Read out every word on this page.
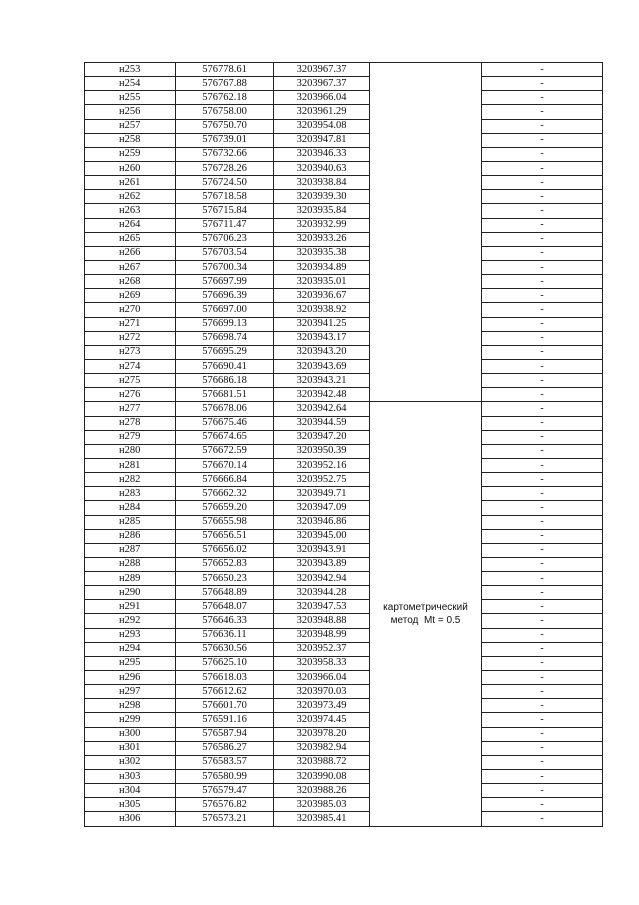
н253	576778.61	3203967.37		-
н254	576767.88	3203967.37		-
н255	576762.18	3203966.04		-
н256	576758.00	3203961.29		-
н257	576750.70	3203954.08		-
н258	576739.01	3203947.81		-
н259	576732.66	3203946.33		-
н260	576728.26	3203940.63		-
н261	576724.50	3203938.84		-
н262	576718.58	3203939.30		-
н263	576715.84	3203935.84		-
н264	576711.47	3203932.99		-
н265	576706.23	3203933.26		-
н266	576703.54	3203935.38		-
н267	576700.34	3203934.89		-
н268	576697.99	3203935.01		-
н269	576696.39	3203936.67		-
н270	576697.00	3203938.92		-
н271	576699.13	3203941.25		-
н272	576698.74	3203943.17		-
н273	576695.29	3203943.20		-
н274	576690.41	3203943.69		-
н275	576686.18	3203943.21		-
н276	576681.51	3203942.48		-
н277	576678.06	3203942.64	картометрический
метод  Mt = 0.5	-
н278	576675.46	3203944.59		-
н279	576674.65	3203947.20		-
н280	576672.59	3203950.39		-
н281	576670.14	3203952.16		-
н282	576666.84	3203952.75		-
н283	576662.32	3203949.71		-
н284	576659.20	3203947.09		-
н285	576655.98	3203946.86		-
н286	576656.51	3203945.00		-
н287	576656.02	3203943.91		-
н288	576652.83	3203943.89		-
н289	576650.23	3203942.94		-
н290	576648.89	3203944.28		-
н291	576648.07	3203947.53		-
н292	576646.33	3203948.88		-
н293	576636.11	3203948.99		-
н294	576630.56	3203952.37		-
н295	576625.10	3203958.33		-
н296	576618.03	3203966.04		-
н297	576612.62	3203970.03		-
н298	576601.70	3203973.49		-
н299	576591.16	3203974.45		-
н300	576587.94	3203978.20		-
н301	576586.27	3203982.94		-
н302	576583.57	3203988.72		-
н303	576580.99	3203990.08		-
н304	576579.47	3203988.26		-
н305	576576.82	3203985.03		-
н306	576573.21	3203985.41		-
